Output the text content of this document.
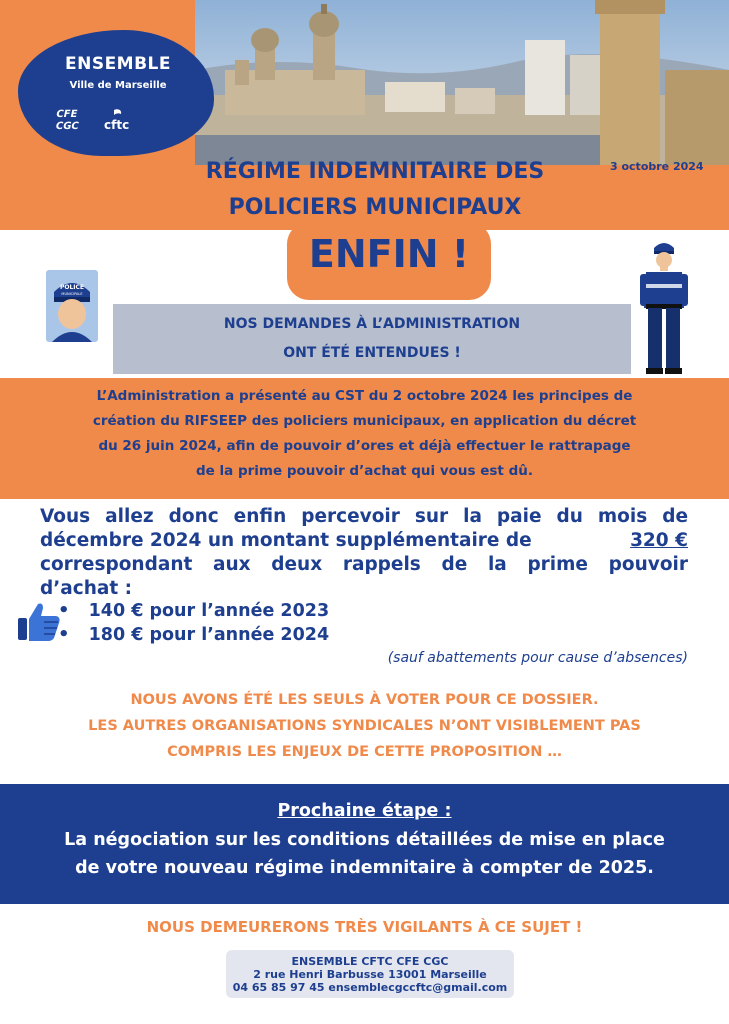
ENSEMBLE
Ville de Marseille
CFE
CGC cftc
RÉGIME INDEMNITAIRE DES
POLICIERS MUNICIPAUX
3 octobre 2024
ENFIN !
POLICE
MUNICIPALE
NOS DEMANDES À L’ADMINISTRATION
ONT ÉTÉ ENTENDUES !
L’Administration a présenté au CST du 2 octobre 2024 les principes de
création du RIFSEEP des policiers municipaux, en application du décret
du 26 juin 2024, afin de pouvoir d’ores et déjà effectuer le rattrapage
de la prime pouvoir d’achat qui vous est dû.
Vous allez donc enfin percevoir sur la paie du mois de
décembre 2024 un montant supplémentaire de	320 €
correspondant aux deux rappels de la prime pouvoir
d’achat :
• 140 € pour l’année 2023
• 180 € pour l’année 2024
(sauf abattements pour cause d’absences)
NOUS AVONS ÉTÉ LES SEULS À VOTER POUR CE DOSSIER.
LES AUTRES ORGANISATIONS SYNDICALES N’ONT VISIBLEMENT PAS
COMPRIS LES ENJEUX DE CETTE PROPOSITION …
Prochaine étape :
La négociation sur les conditions détaillées de mise en place
de votre nouveau régime indemnitaire à compter de 2025.
NOUS DEMEURERONS TRÈS VIGILANTS À CE SUJET !
ENSEMBLE CFTC CFE CGC
2 rue Henri Barbusse 13001 Marseille
04 65 85 97 45 ensemblecgccftc@gmail.com
